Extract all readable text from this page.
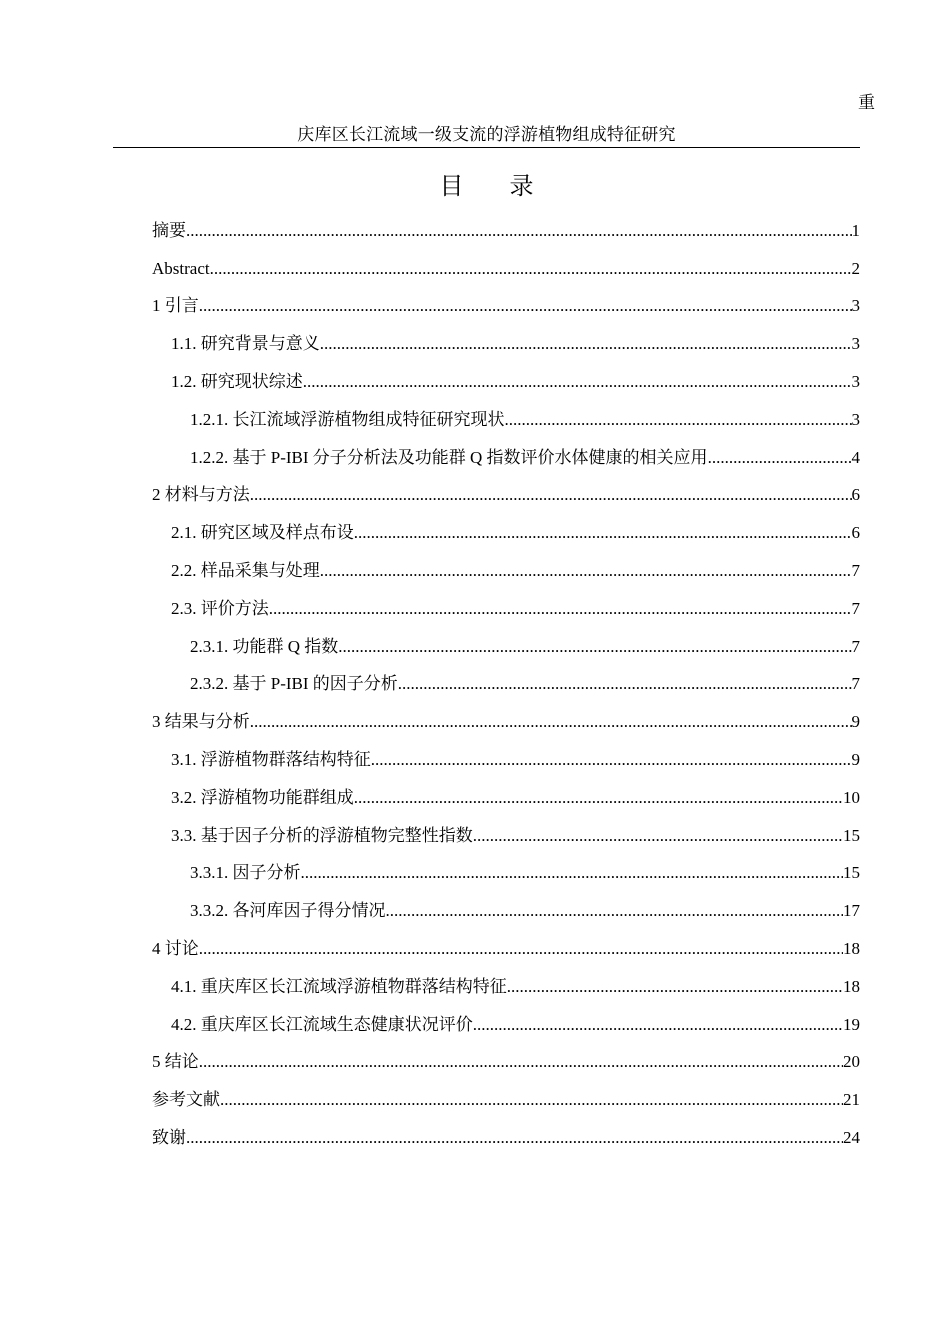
重
庆库区长江流域一级支流的浮游植物组成特征研究
目 录
摘要 .....	1
Abstract .....	2
1 引言 .....	3
1.1. 研究背景与意义 .....	3
1.2. 研究现状综述 .....	3
1.2.1. 长江流域浮游植物组成特征研究现状 .....	3
1.2.2. 基于 P-IBI 分子分析法及功能群 Q 指数评价水体健康的相关应用 .....	4
2 材料与方法 .....	6
2.1. 研究区域及样点布设 .....	6
2.2. 样品采集与处理 .....	7
2.3. 评价方法 .....	7
2.3.1. 功能群 Q 指数 .....	7
2.3.2. 基于 P-IBI 的因子分析 .....	7
3 结果与分析 .....	9
3.1. 浮游植物群落结构特征 .....	9
3.2. 浮游植物功能群组成 .....	10
3.3. 基于因子分析的浮游植物完整性指数 .....	15
3.3.1. 因子分析 .....	15
3.3.2. 各河库因子得分情况 .....	17
4 讨论 .....	18
4.1. 重庆库区长江流域浮游植物群落结构特征 .....	18
4.2. 重庆库区长江流域生态健康状况评价 .....	19
5 结论 .....	20
参考文献 .....	21
致谢 .....	24
